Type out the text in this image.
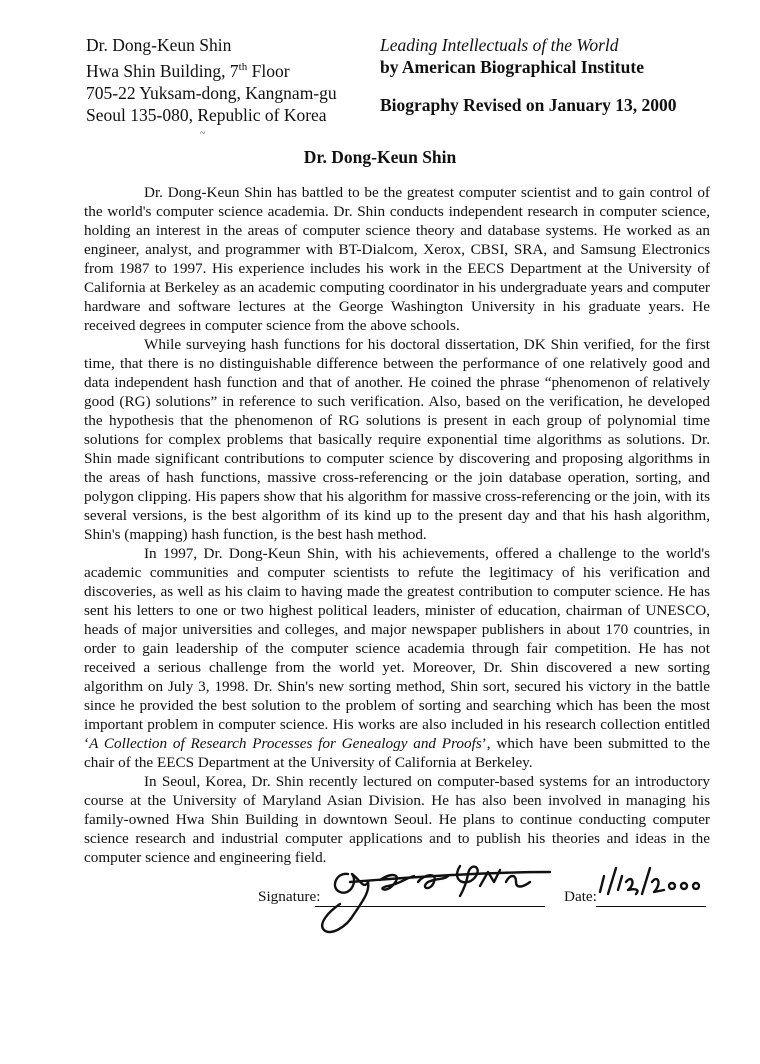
Dr. Dong-Keun Shin
Hwa Shin Building, 7th Floor
705-22 Yuksam-dong, Kangnam-gu
Seoul 135-080, Republic of Korea
Leading Intellectuals of the World
by American Biographical Institute
Biography Revised on January 13, 2000
~
Dr. Dong-Keun Shin

Dr. Dong-Keun Shin has battled to be the greatest computer scientist and to gain control of the world's computer science academia. Dr. Shin conducts independent research in computer science, holding an interest in the areas of computer science theory and database systems. He worked as an engineer, analyst, and programmer with BT-Dialcom, Xerox, CBSI, SRA, and Samsung Electronics from 1987 to 1997. His experience includes his work in the EECS Department at the University of California at Berkeley as an academic computing coordinator in his undergraduate years and computer hardware and software lectures at the George Washington University in his graduate years. He received degrees in computer science from the above schools.

While surveying hash functions for his doctoral dissertation, DK Shin verified, for the first time, that there is no distinguishable difference between the performance of one relatively good and data independent hash function and that of another. He coined the phrase “phenomenon of relatively good (RG) solutions” in reference to such verification. Also, based on the verification, he developed the hypothesis that the phenomenon of RG solutions is present in each group of polynomial time solutions for complex problems that basically require exponential time algorithms as solutions. Dr. Shin made significant contributions to computer science by discovering and proposing algorithms in the areas of hash functions, massive cross-referencing or the join database operation, sorting, and polygon clipping. His papers show that his algorithm for massive cross-referencing or the join, with its several versions, is the best algorithm of its kind up to the present day and that his hash algorithm, Shin's (mapping) hash function, is the best hash method.

In 1997, Dr. Dong-Keun Shin, with his achievements, offered a challenge to the world's academic communities and computer scientists to refute the legitimacy of his verification and discoveries, as well as his claim to having made the greatest contribution to computer science. He has sent his letters to one or two highest political leaders, minister of education, chairman of UNESCO, heads of major universities and colleges, and major newspaper publishers in about 170 countries, in order to gain leadership of the computer science academia through fair competition. He has not received a serious challenge from the world yet. Moreover, Dr. Shin discovered a new sorting algorithm on July 3, 1998. Dr. Shin's new sorting method, Shin sort, secured his victory in the battle since he provided the best solution to the problem of sorting and searching which has been the most important problem in computer science. His works are also included in his research collection entitled ‘A Collection of Research Processes for Genealogy and Proofs’, which have been submitted to the chair of the EECS Department at the University of California at Berkeley.

In Seoul, Korea, Dr. Shin recently lectured on computer-based systems for an introductory course at the University of Maryland Asian Division. He has also been involved in managing his family-owned Hwa Shin Building in downtown Seoul. He plans to continue conducting computer science research and industrial computer applications and to publish his theories and ideas in the computer science and engineering field.

Signature:	Date:
